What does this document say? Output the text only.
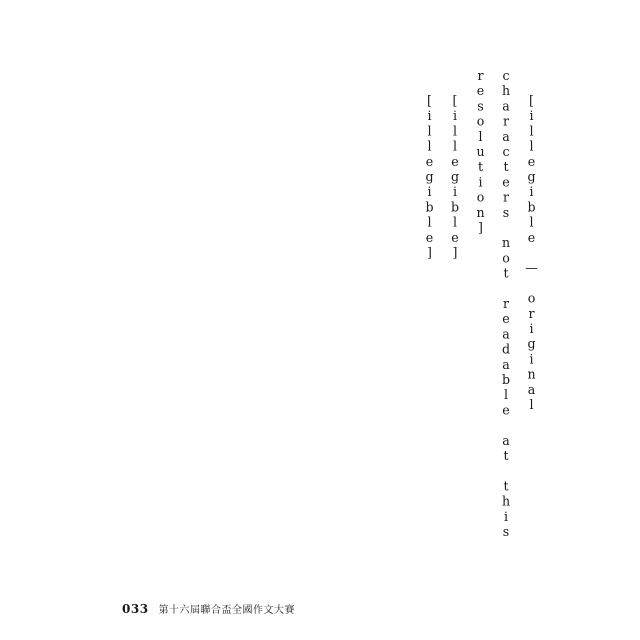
[illegible — original characters not readable at this resolution]

[illegible]

[illegible]

033 第十六屆聯合盃全國作文大賽
